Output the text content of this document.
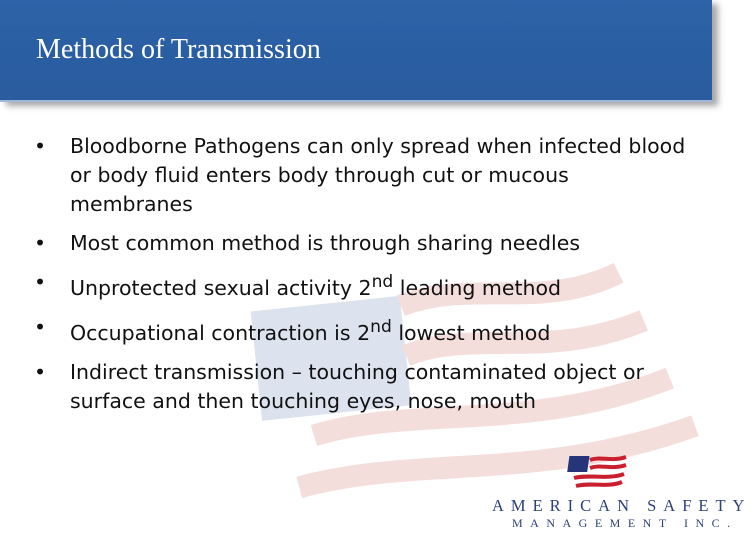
Methods of Transmission
• Bloodborne Pathogens can only spread when infected blood or body fluid enters body through cut or mucous membranes
• Most common method is through sharing needles
• Unprotected sexual activity 2nd leading method
• Occupational contraction is 2nd lowest method
• Indirect transmission – touching contaminated object or surface and then touching eyes, nose, mouth
AMERICAN SAFETY
MANAGEMENT INC.
